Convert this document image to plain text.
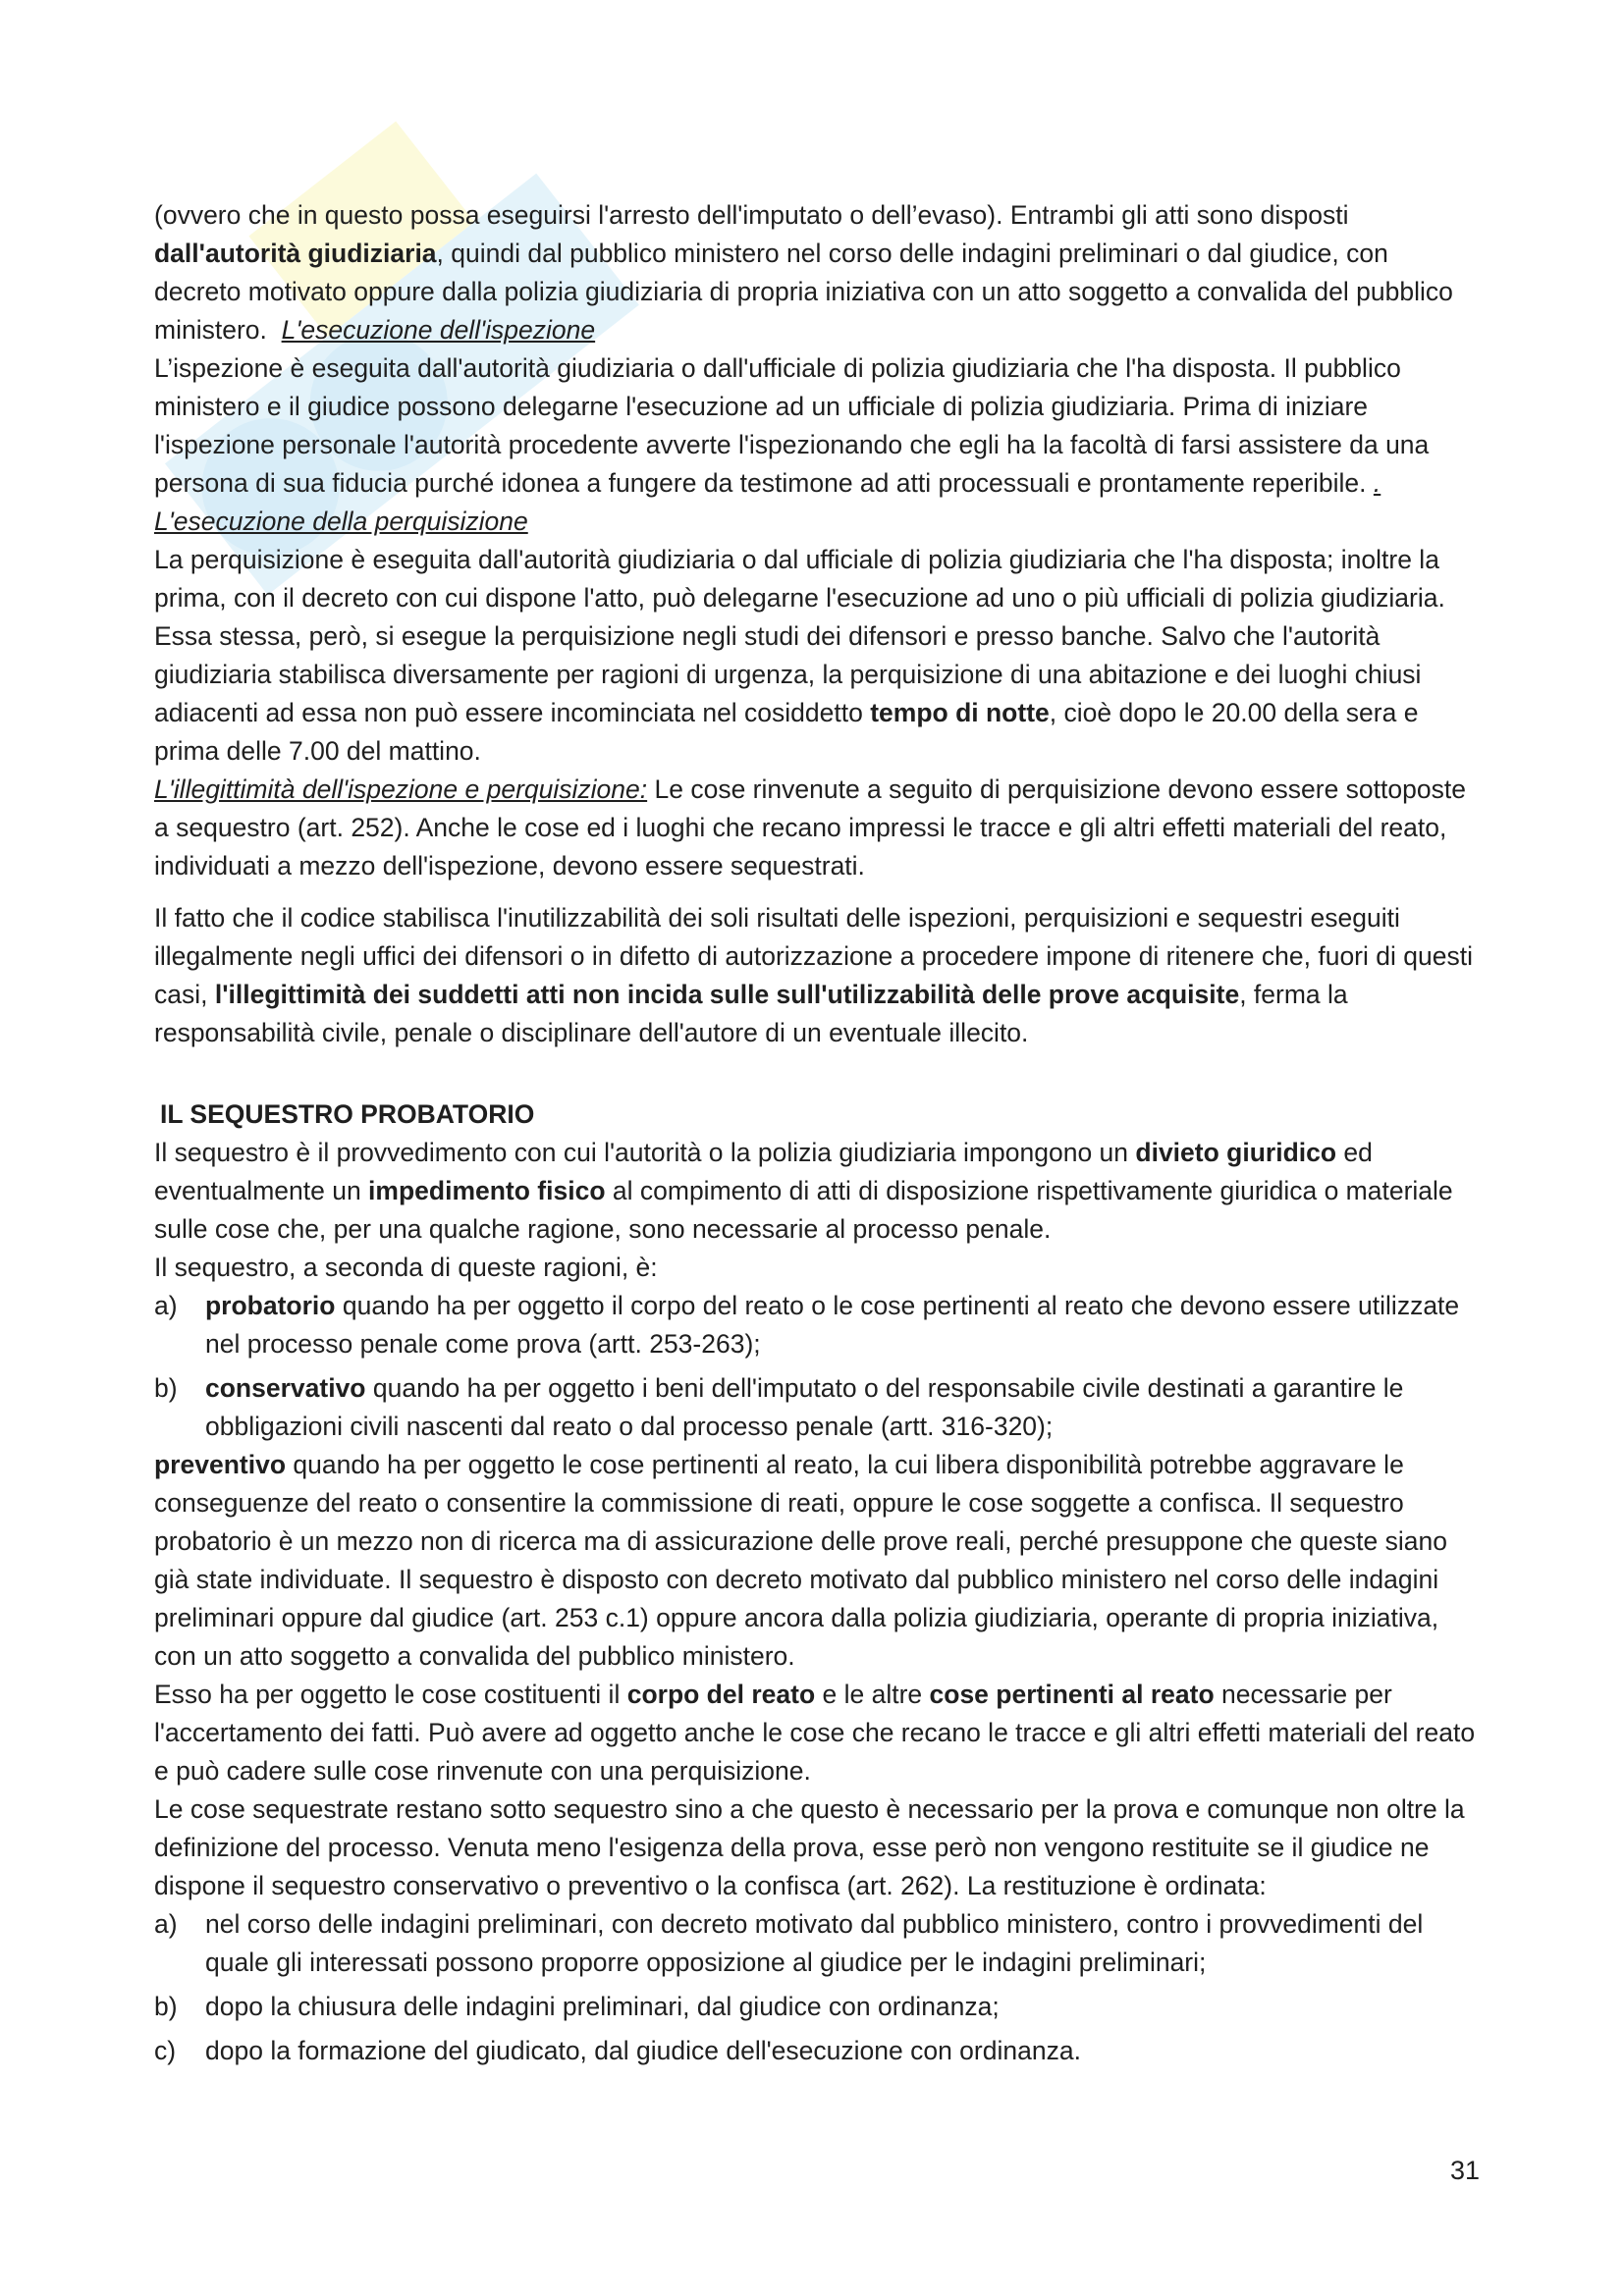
(ovvero che in questo possa eseguirsi l'arresto dell'imputato o dell’evaso). Entrambi gli atti sono disposti dall'autorità giudiziaria, quindi dal pubblico ministero nel corso delle indagini preliminari o dal giudice, con decreto motivato oppure dalla polizia giudiziaria di propria iniziativa con un atto soggetto a convalida del pubblico ministero. L'esecuzione dell'ispezione

L’ispezione è eseguita dall'autorità giudiziaria o dall'ufficiale di polizia giudiziaria che l'ha disposta. Il pubblico ministero e il giudice possono delegarne l'esecuzione ad un ufficiale di polizia giudiziaria. Prima di iniziare l'ispezione personale l'autorità procedente avverte l'ispezionando che egli ha la facoltà di farsi assistere da una persona di sua fiducia purché idonea a fungere da testimone ad atti processuali e prontamente reperibile. . L'esecuzione della perquisizione

La perquisizione è eseguita dall'autorità giudiziaria o dal ufficiale di polizia giudiziaria che l'ha disposta; inoltre la prima, con il decreto con cui dispone l'atto, può delegarne l'esecuzione ad uno o più ufficiali di polizia giudiziaria. Essa stessa, però, si esegue la perquisizione negli studi dei difensori e presso banche. Salvo che l'autorità giudiziaria stabilisca diversamente per ragioni di urgenza, la perquisizione di una abitazione e dei luoghi chiusi adiacenti ad essa non può essere incominciata nel cosiddetto tempo di notte, cioè dopo le 20.00 della sera e prima delle 7.00 del mattino.

L'illegittimità dell'ispezione e perquisizione: Le cose rinvenute a seguito di perquisizione devono essere sottoposte a sequestro (art. 252). Anche le cose ed i luoghi che recano impressi le tracce e gli altri effetti materiali del reato, individuati a mezzo dell'ispezione, devono essere sequestrati.

Il fatto che il codice stabilisca l'inutilizzabilità dei soli risultati delle ispezioni, perquisizioni e sequestri eseguiti illegalmente negli uffici dei difensori o in difetto di autorizzazione a procedere impone di ritenere che, fuori di questi casi, l'illegittimità dei suddetti atti non incida sulle sull'utilizzabilità delle prove acquisite, ferma la responsabilità civile, penale o disciplinare dell'autore di un eventuale illecito.

IL SEQUESTRO PROBATORIO

Il sequestro è il provvedimento con cui l'autorità o la polizia giudiziaria impongono un divieto giuridico ed eventualmente un impedimento fisico al compimento di atti di disposizione rispettivamente giuridica o materiale sulle cose che, per una qualche ragione, sono necessarie al processo penale.

Il sequestro, a seconda di queste ragioni, è:

a)	probatorio quando ha per oggetto il corpo del reato o le cose pertinenti al reato che devono essere utilizzate nel processo penale come prova (artt. 253-263);
b)	conservativo quando ha per oggetto i beni dell'imputato o del responsabile civile destinati a garantire le obbligazioni civili nascenti dal reato o dal processo penale (artt. 316-320);

preventivo quando ha per oggetto le cose pertinenti al reato, la cui libera disponibilità potrebbe aggravare le conseguenze del reato o consentire la commissione di reati, oppure le cose soggette a confisca. Il sequestro probatorio è un mezzo non di ricerca ma di assicurazione delle prove reali, perché presuppone che queste siano già state individuate. Il sequestro è disposto con decreto motivato dal pubblico ministero nel corso delle indagini preliminari oppure dal giudice (art. 253 c.1) oppure ancora dalla polizia giudiziaria, operante di propria iniziativa, con un atto soggetto a convalida del pubblico ministero.

Esso ha per oggetto le cose costituenti il corpo del reato e le altre cose pertinenti al reato necessarie per l'accertamento dei fatti. Può avere ad oggetto anche le cose che recano le tracce e gli altri effetti materiali del reato e può cadere sulle cose rinvenute con una perquisizione.

Le cose sequestrate restano sotto sequestro sino a che questo è necessario per la prova e comunque non oltre la definizione del processo. Venuta meno l'esigenza della prova, esse però non vengono restituite se il giudice ne dispone il sequestro conservativo o preventivo o la confisca (art. 262). La restituzione è ordinata:

a)	nel corso delle indagini preliminari, con decreto motivato dal pubblico ministero, contro i provvedimenti del quale gli interessati possono proporre opposizione al giudice per le indagini preliminari;
b)	dopo la chiusura delle indagini preliminari, dal giudice con ordinanza;
c)	dopo la formazione del giudicato, dal giudice dell'esecuzione con ordinanza.
31
